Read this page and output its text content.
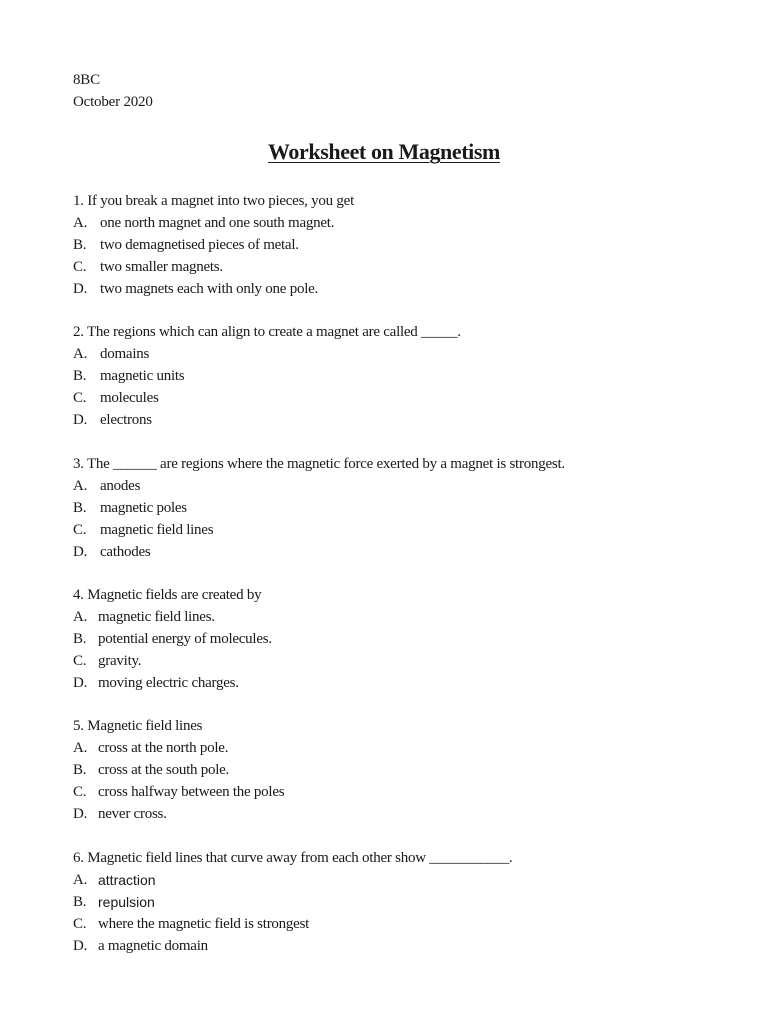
8BC
October 2020
Worksheet on Magnetism
1. If you break a magnet into two pieces, you get
A. one north magnet and one south magnet.
B. two demagnetised pieces of metal.
C. two smaller magnets.
D. two magnets each with only one pole.
2. The regions which can align to create a magnet are called _____.
A. domains
B. magnetic units
C. molecules
D. electrons
3. The ______ are regions where the magnetic force exerted by a magnet is strongest.
A. anodes
B. magnetic poles
C. magnetic field lines
D. cathodes
4. Magnetic fields are created by
A. magnetic field lines.
B. potential energy of molecules.
C. gravity.
D. moving electric charges.
5. Magnetic field lines
A. cross at the north pole.
B. cross at the south pole.
C. cross halfway between the poles
D. never cross.
6. Magnetic field lines that curve away from each other show ___________.
A. attraction
B. repulsion
C. where the magnetic field is strongest
D. a magnetic domain
